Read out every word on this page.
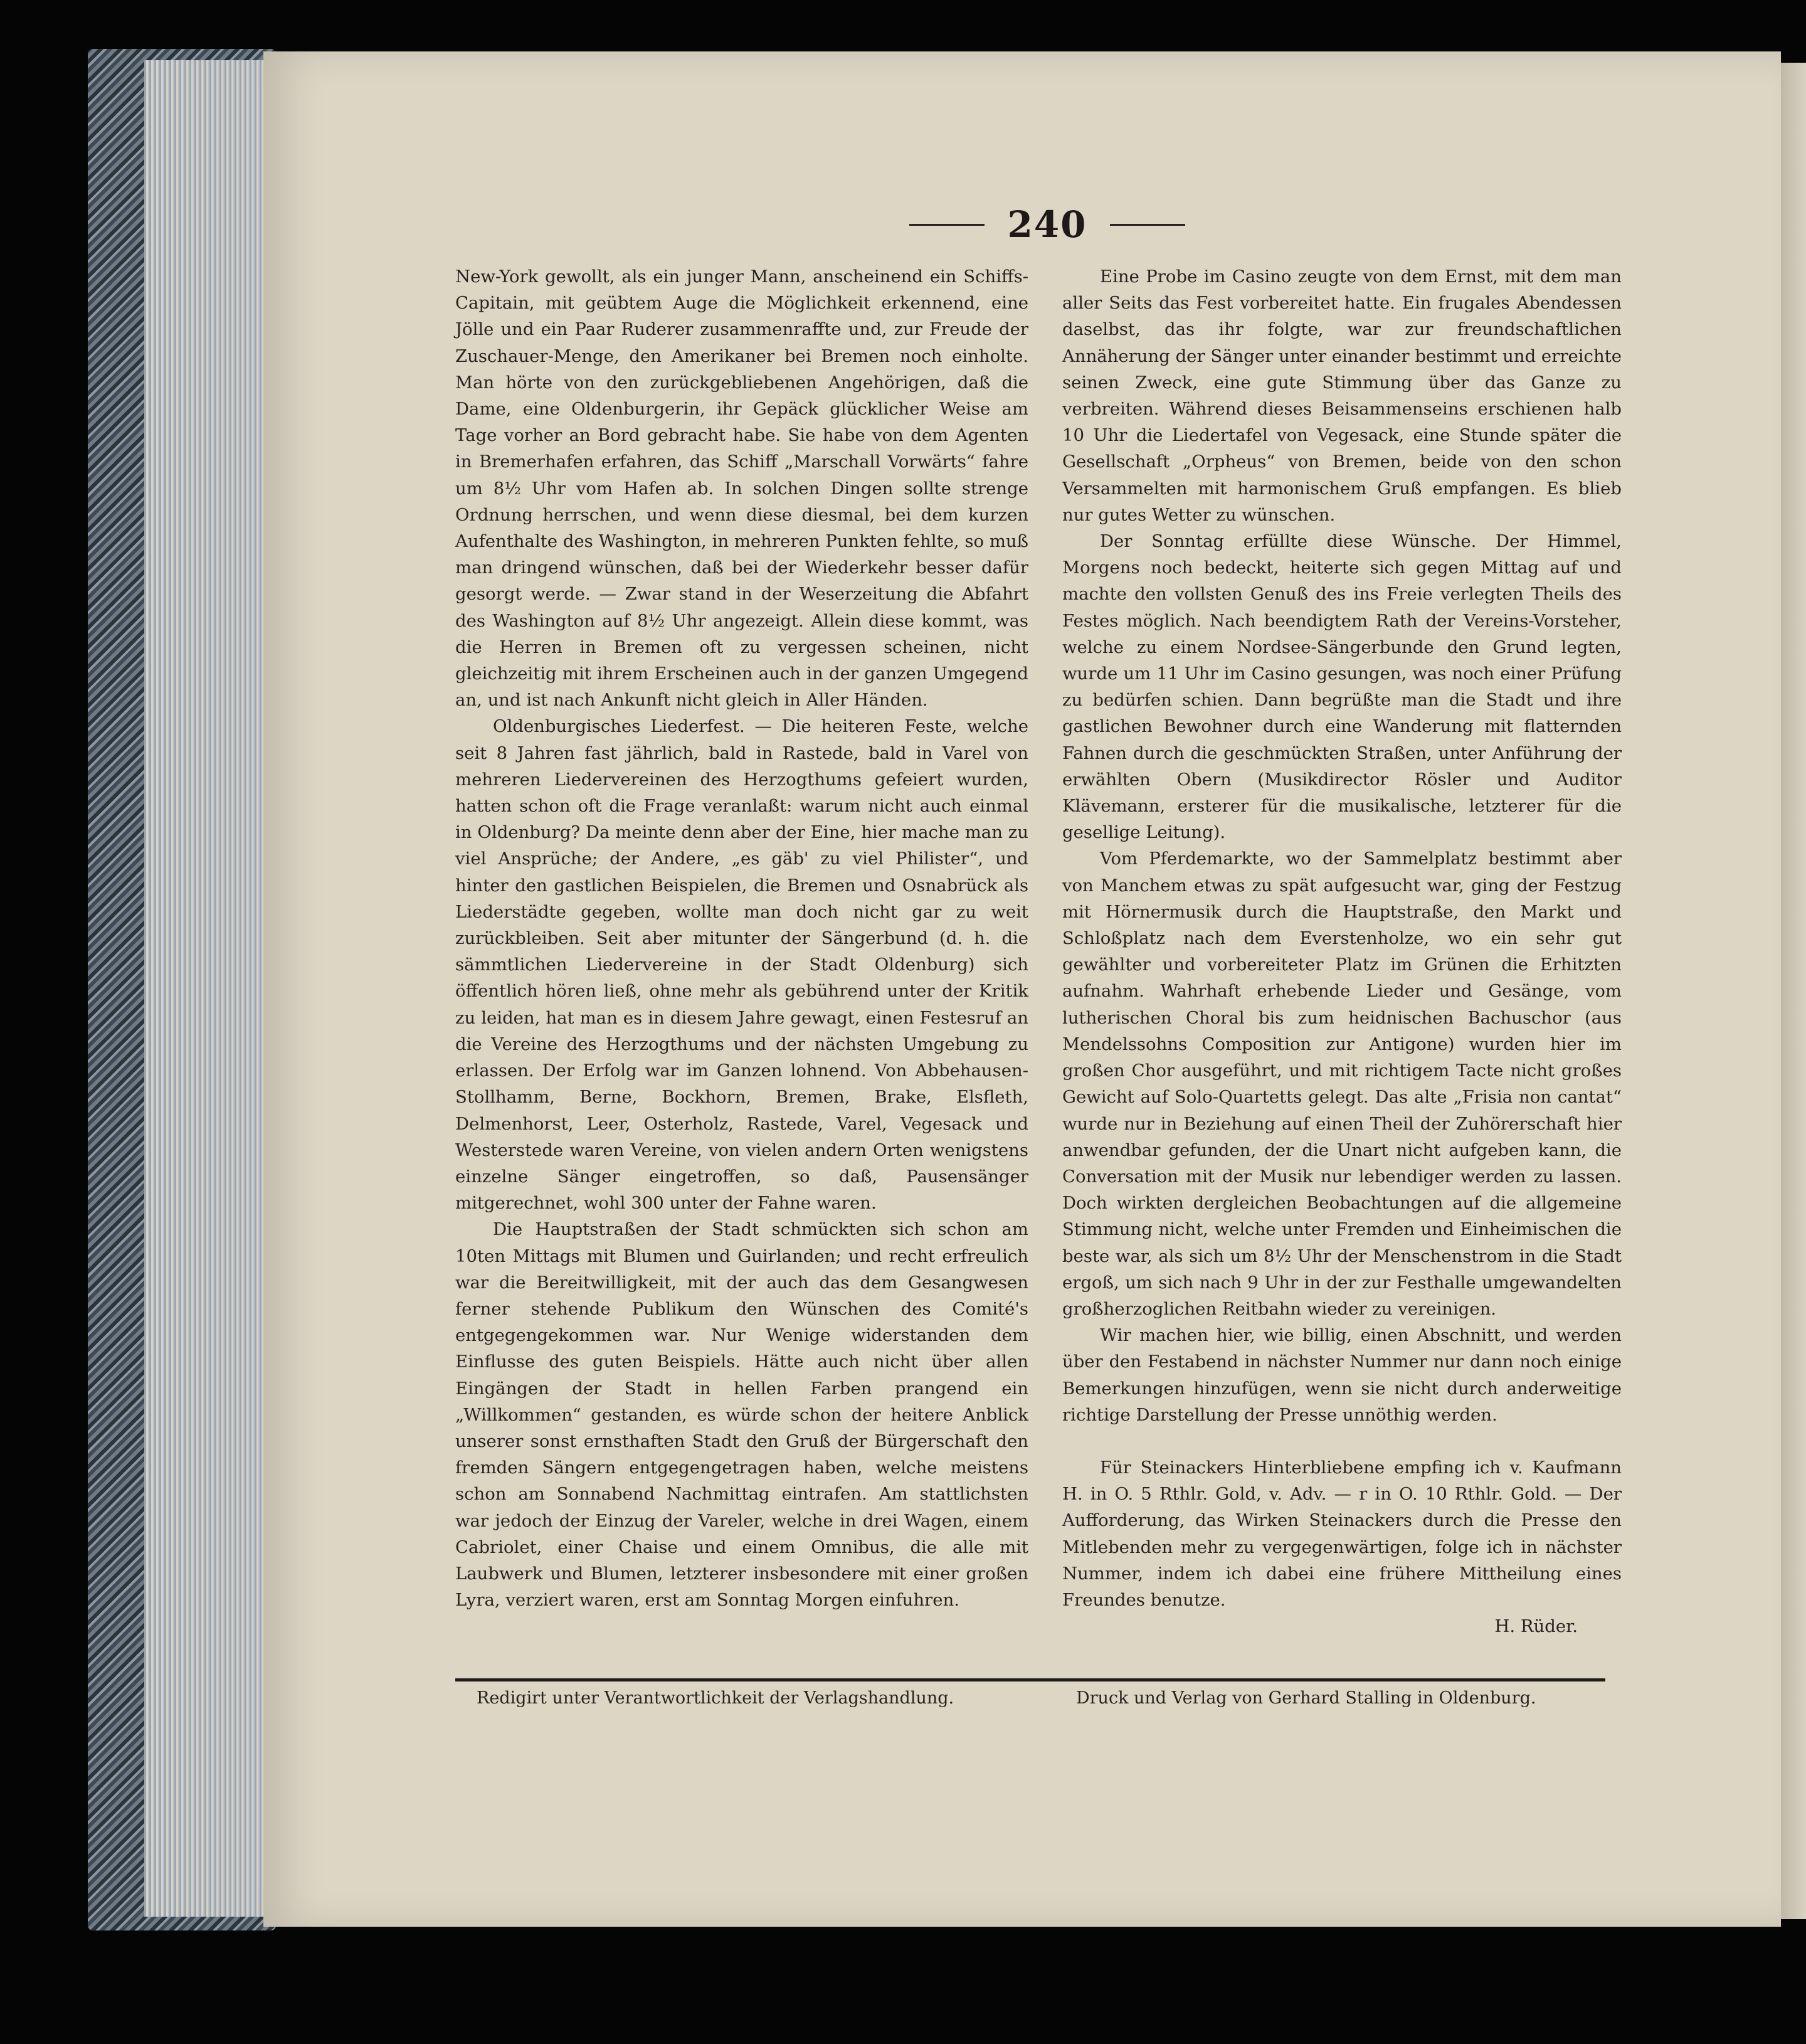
240

New-York gewollt, als ein junger Mann, anscheinend ein Schiffs-Capitain, mit geübtem Auge die Möglichkeit erkennend, eine Jölle und ein Paar Ruderer zusammenraffte und, zur Freude der Zuschauer-Menge, den Amerikaner bei Bremen noch einholte. Man hörte von den zurückgebliebenen Angehörigen, daß die Dame, eine Oldenburgerin, ihr Gepäck glücklicher Weise am Tage vorher an Bord gebracht habe. Sie habe von dem Agenten in Bremerhafen erfahren, das Schiff „Marschall Vorwärts“ fahre um 8½ Uhr vom Hafen ab. In solchen Dingen sollte strenge Ordnung herrschen, und wenn diese diesmal, bei dem kurzen Aufenthalte des Washington, in mehreren Punkten fehlte, so muß man dringend wünschen, daß bei der Wiederkehr besser dafür gesorgt werde. — Zwar stand in der Weserzeitung die Abfahrt des Washington auf 8½ Uhr angezeigt. Allein diese kommt, was die Herren in Bremen oft zu vergessen scheinen, nicht gleichzeitig mit ihrem Erscheinen auch in der ganzen Umgegend an, und ist nach Ankunft nicht gleich in Aller Händen.

Oldenburgisches Liederfest. — Die heiteren Feste, welche seit 8 Jahren fast jährlich, bald in Rastede, bald in Varel von mehreren Liedervereinen des Herzogthums gefeiert wurden, hatten schon oft die Frage veranlaßt: warum nicht auch einmal in Oldenburg? Da meinte denn aber der Eine, hier mache man zu viel Ansprüche; der Andere, „es gäb' zu viel Philister“, und hinter den gastlichen Beispielen, die Bremen und Osnabrück als Liederstädte gegeben, wollte man doch nicht gar zu weit zurückbleiben. Seit aber mitunter der Sängerbund (d. h. die sämmtlichen Liedervereine in der Stadt Oldenburg) sich öffentlich hören ließ, ohne mehr als gebührend unter der Kritik zu leiden, hat man es in diesem Jahre gewagt, einen Festesruf an die Vereine des Herzogthums und der nächsten Umgebung zu erlassen. Der Erfolg war im Ganzen lohnend. Von Abbehausen-Stollhamm, Berne, Bockhorn, Bremen, Brake, Elsfleth, Delmenhorst, Leer, Osterholz, Rastede, Varel, Vegesack und Westerstede waren Vereine, von vielen andern Orten wenigstens einzelne Sänger eingetroffen, so daß, Pausensänger mitgerechnet, wohl 300 unter der Fahne waren.

Die Hauptstraßen der Stadt schmückten sich schon am 10ten Mittags mit Blumen und Guirlanden; und recht erfreulich war die Bereitwilligkeit, mit der auch das dem Gesangwesen ferner stehende Publikum den Wünschen des Comité's entgegengekommen war. Nur Wenige widerstanden dem Einflusse des guten Beispiels. Hätte auch nicht über allen Eingängen der Stadt in hellen Farben prangend ein „Willkommen“ gestanden, es würde schon der heitere Anblick unserer sonst ernsthaften Stadt den Gruß der Bürgerschaft den fremden Sängern entgegengetragen haben, welche meistens schon am Sonnabend Nachmittag eintrafen. Am stattlichsten war jedoch der Einzug der Vareler, welche in drei Wagen, einem Cabriolet, einer Chaise und einem Omnibus, die alle mit Laubwerk und Blumen, letzterer insbesondere mit einer großen Lyra, verziert waren, erst am Sonntag Morgen einfuhren.

Eine Probe im Casino zeugte von dem Ernst, mit dem man aller Seits das Fest vorbereitet hatte. Ein frugales Abendessen daselbst, das ihr folgte, war zur freundschaftlichen Annäherung der Sänger unter einander bestimmt und erreichte seinen Zweck, eine gute Stimmung über das Ganze zu verbreiten. Während dieses Beisammenseins erschienen halb 10 Uhr die Liedertafel von Vegesack, eine Stunde später die Gesellschaft „Orpheus“ von Bremen, beide von den schon Versammelten mit harmonischem Gruß empfangen. Es blieb nur gutes Wetter zu wünschen.

Der Sonntag erfüllte diese Wünsche. Der Himmel, Morgens noch bedeckt, heiterte sich gegen Mittag auf und machte den vollsten Genuß des ins Freie verlegten Theils des Festes möglich. Nach beendigtem Rath der Vereins-Vorsteher, welche zu einem Nordsee-Sängerbunde den Grund legten, wurde um 11 Uhr im Casino gesungen, was noch einer Prüfung zu bedürfen schien. Dann begrüßte man die Stadt und ihre gastlichen Bewohner durch eine Wanderung mit flatternden Fahnen durch die geschmückten Straßen, unter Anführung der erwählten Obern (Musikdirector Rösler und Auditor Klävemann, ersterer für die musikalische, letzterer für die gesellige Leitung).

Vom Pferdemarkte, wo der Sammelplatz bestimmt aber von Manchem etwas zu spät aufgesucht war, ging der Festzug mit Hörnermusik durch die Hauptstraße, den Markt und Schloßplatz nach dem Everstenholze, wo ein sehr gut gewählter und vorbereiteter Platz im Grünen die Erhitzten aufnahm. Wahrhaft erhebende Lieder und Gesänge, vom lutherischen Choral bis zum heidnischen Bachuschor (aus Mendelssohns Composition zur Antigone) wurden hier im großen Chor ausgeführt, und mit richtigem Tacte nicht großes Gewicht auf Solo-Quartetts gelegt. Das alte „Frisia non cantat“ wurde nur in Beziehung auf einen Theil der Zuhörerschaft hier anwendbar gefunden, der die Unart nicht aufgeben kann, die Conversation mit der Musik nur lebendiger werden zu lassen. Doch wirkten dergleichen Beobachtungen auf die allgemeine Stimmung nicht, welche unter Fremden und Einheimischen die beste war, als sich um 8½ Uhr der Menschenstrom in die Stadt ergoß, um sich nach 9 Uhr in der zur Festhalle umgewandelten großherzoglichen Reitbahn wieder zu vereinigen.

Wir machen hier, wie billig, einen Abschnitt, und werden über den Festabend in nächster Nummer nur dann noch einige Bemerkungen hinzufügen, wenn sie nicht durch anderweitige richtige Darstellung der Presse unnöthig werden.

Für Steinackers Hinterbliebene empfing ich v. Kaufmann H. in O. 5 Rthlr. Gold, v. Adv. — r in O. 10 Rthlr. Gold. — Der Aufforderung, das Wirken Steinackers durch die Presse den Mitlebenden mehr zu vergegenwärtigen, folge ich in nächster Nummer, indem ich dabei eine frühere Mittheilung eines Freundes benutze.

H. Rüder.

Redigirt unter Verantwortlichkeit der Verlagshandlung.	Druck und Verlag von Gerhard Stalling in Oldenburg.
